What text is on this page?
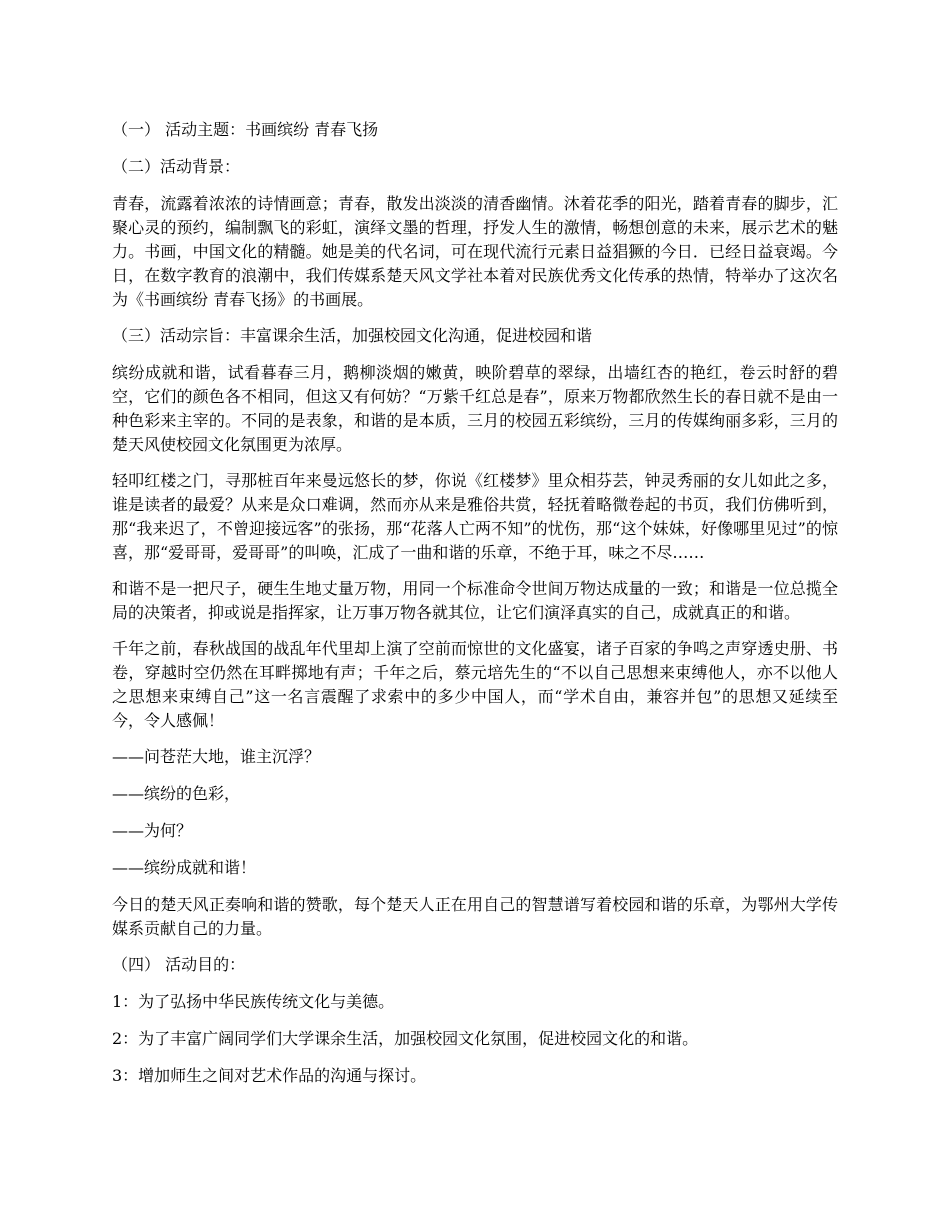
（一） 活动主题：书画缤纷 青春飞扬

（二）活动背景：

青春，流露着浓浓的诗情画意；青春，散发出淡淡的清香幽情。沐着花季的阳光，踏着青春的脚步，汇聚心灵的预约，编制飘飞的彩虹，演绎文墨的哲理，抒发人生的激情，畅想创意的未来，展示艺术的魅力。书画，中国文化的精髓。她是美的代名词，可在现代流行元素日益猖獗的今日．已经日益衰竭。今日，在数字教育的浪潮中，我们传媒系楚天风文学社本着对民族优秀文化传承的热情，特举办了这次名为《书画缤纷 青春飞扬》的书画展。

（三）活动宗旨：丰富课余生活，加强校园文化沟通，促进校园和谐

缤纷成就和谐，试看暮春三月，鹅柳淡烟的嫩黄，映阶碧草的翠绿，出墙红杏的艳红，卷云时舒的碧空，它们的颜色各不相同，但这又有何妨？“万紫千红总是春”，原来万物都欣然生长的春日就不是由一种色彩来主宰的。不同的是表象，和谐的是本质，三月的校园五彩缤纷，三月的传媒绚丽多彩，三月的楚天风使校园文化氛围更为浓厚。

轻叩红楼之门，寻那桩百年来曼远悠长的梦，你说《红楼梦》里众相芬芸，钟灵秀丽的女儿如此之多，谁是读者的最爱？从来是众口难调，然而亦从来是雅俗共赏，轻抚着略微卷起的书页，我们仿佛听到，那“我来迟了，不曾迎接远客”的张扬，那“花落人亡两不知”的忧伤，那“这个妹妹，好像哪里见过”的惊喜，那“爱哥哥，爱哥哥”的叫唤，汇成了一曲和谐的乐章，不绝于耳，味之不尽……

和谐不是一把尺子，硬生生地丈量万物，用同一个标准命令世间万物达成量的一致；和谐是一位总揽全局的决策者，抑或说是指挥家，让万事万物各就其位，让它们演泽真实的自己，成就真正的和谐。

千年之前，春秋战国的战乱年代里却上演了空前而惊世的文化盛宴，诸子百家的争鸣之声穿透史册、书卷，穿越时空仍然在耳畔掷地有声；千年之后，蔡元培先生的“不以自己思想来束缚他人，亦不以他人之思想来束缚自己”这一名言震醒了求索中的多少中国人，而“学术自由，兼容并包”的思想又延续至今，令人感佩！

——问苍茫大地，谁主沉浮？

——缤纷的色彩，

——为何？

——缤纷成就和谐！

今日的楚天风正奏响和谐的赞歌，每个楚天人正在用自己的智慧谱写着校园和谐的乐章，为鄂州大学传媒系贡献自己的力量。

（四） 活动目的：

1：为了弘扬中华民族传统文化与美德。

2：为了丰富广阔同学们大学课余生活，加强校园文化氛围，促进校园文化的和谐。

3：增加师生之间对艺术作品的沟通与探讨。
